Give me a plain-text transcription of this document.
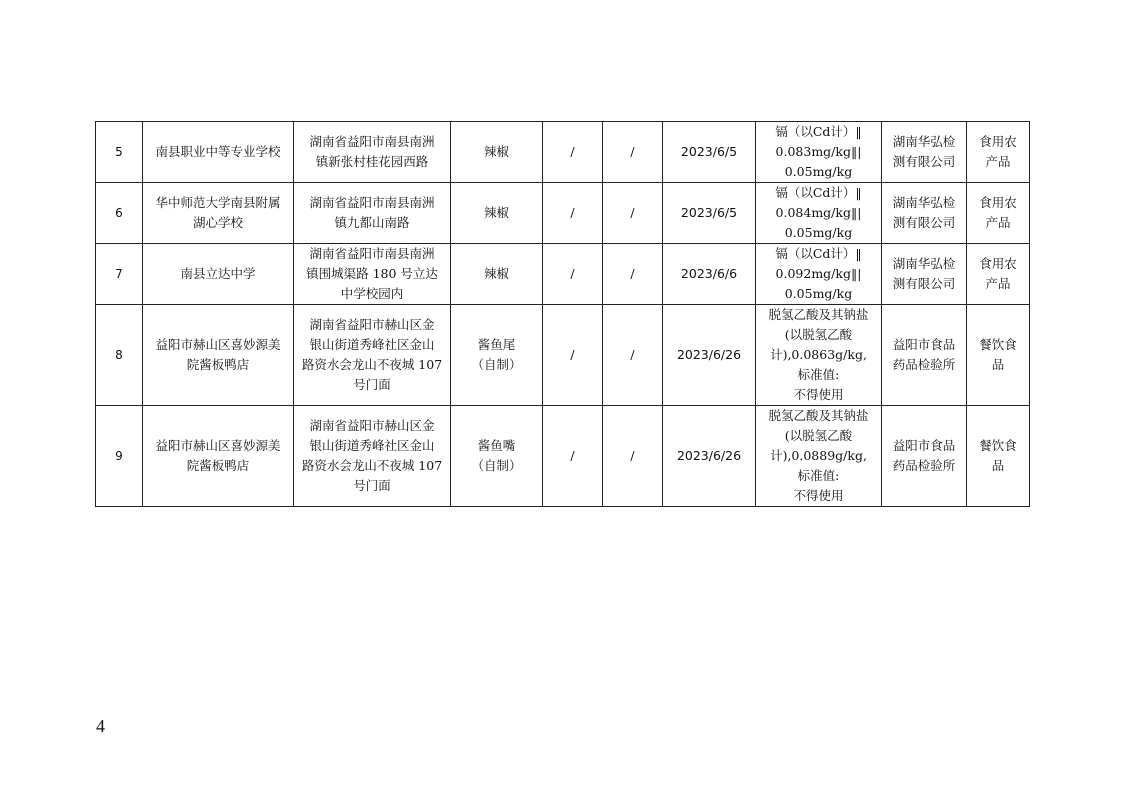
5	南县职业中等专业学校	湖南省益阳市南县南洲
镇新张村桂花园西路	辣椒	/	/	2023/6/5	镉（以Cd计）‖
0.083mg/kg‖|
0.05mg/kg	湖南华弘检
测有限公司	食用农
产品
6	华中师范大学南县附属
湖心学校	湖南省益阳市南县南洲
镇九都山南路	辣椒	/	/	2023/6/5	镉（以Cd计）‖
0.084mg/kg‖|
0.05mg/kg	湖南华弘检
测有限公司	食用农
产品
7	南县立达中学	湖南省益阳市南县南洲
镇围城渠路 180 号立达
中学校园内	辣椒	/	/	2023/6/6	镉（以Cd计）‖
0.092mg/kg‖|
0.05mg/kg	湖南华弘检
测有限公司	食用农
产品
8	益阳市赫山区喜妙源美
院酱板鸭店	湖南省益阳市赫山区金
银山街道秀峰社区金山
路资水会龙山不夜城 107
号门面	酱鱼尾
（自制）	/	/	2023/6/26	脱氢乙酸及其钠盐
(以脱氢乙酸
计),0.0863g/kg,
标准值:
不得使用	益阳市食品
药品检验所	餐饮食
品
9	益阳市赫山区喜妙源美
院酱板鸭店	湖南省益阳市赫山区金
银山街道秀峰社区金山
路资水会龙山不夜城 107
号门面	酱鱼嘴
（自制）	/	/	2023/6/26	脱氢乙酸及其钠盐
(以脱氢乙酸
计),0.0889g/kg,
标准值:
不得使用	益阳市食品
药品检验所	餐饮食
品
4
